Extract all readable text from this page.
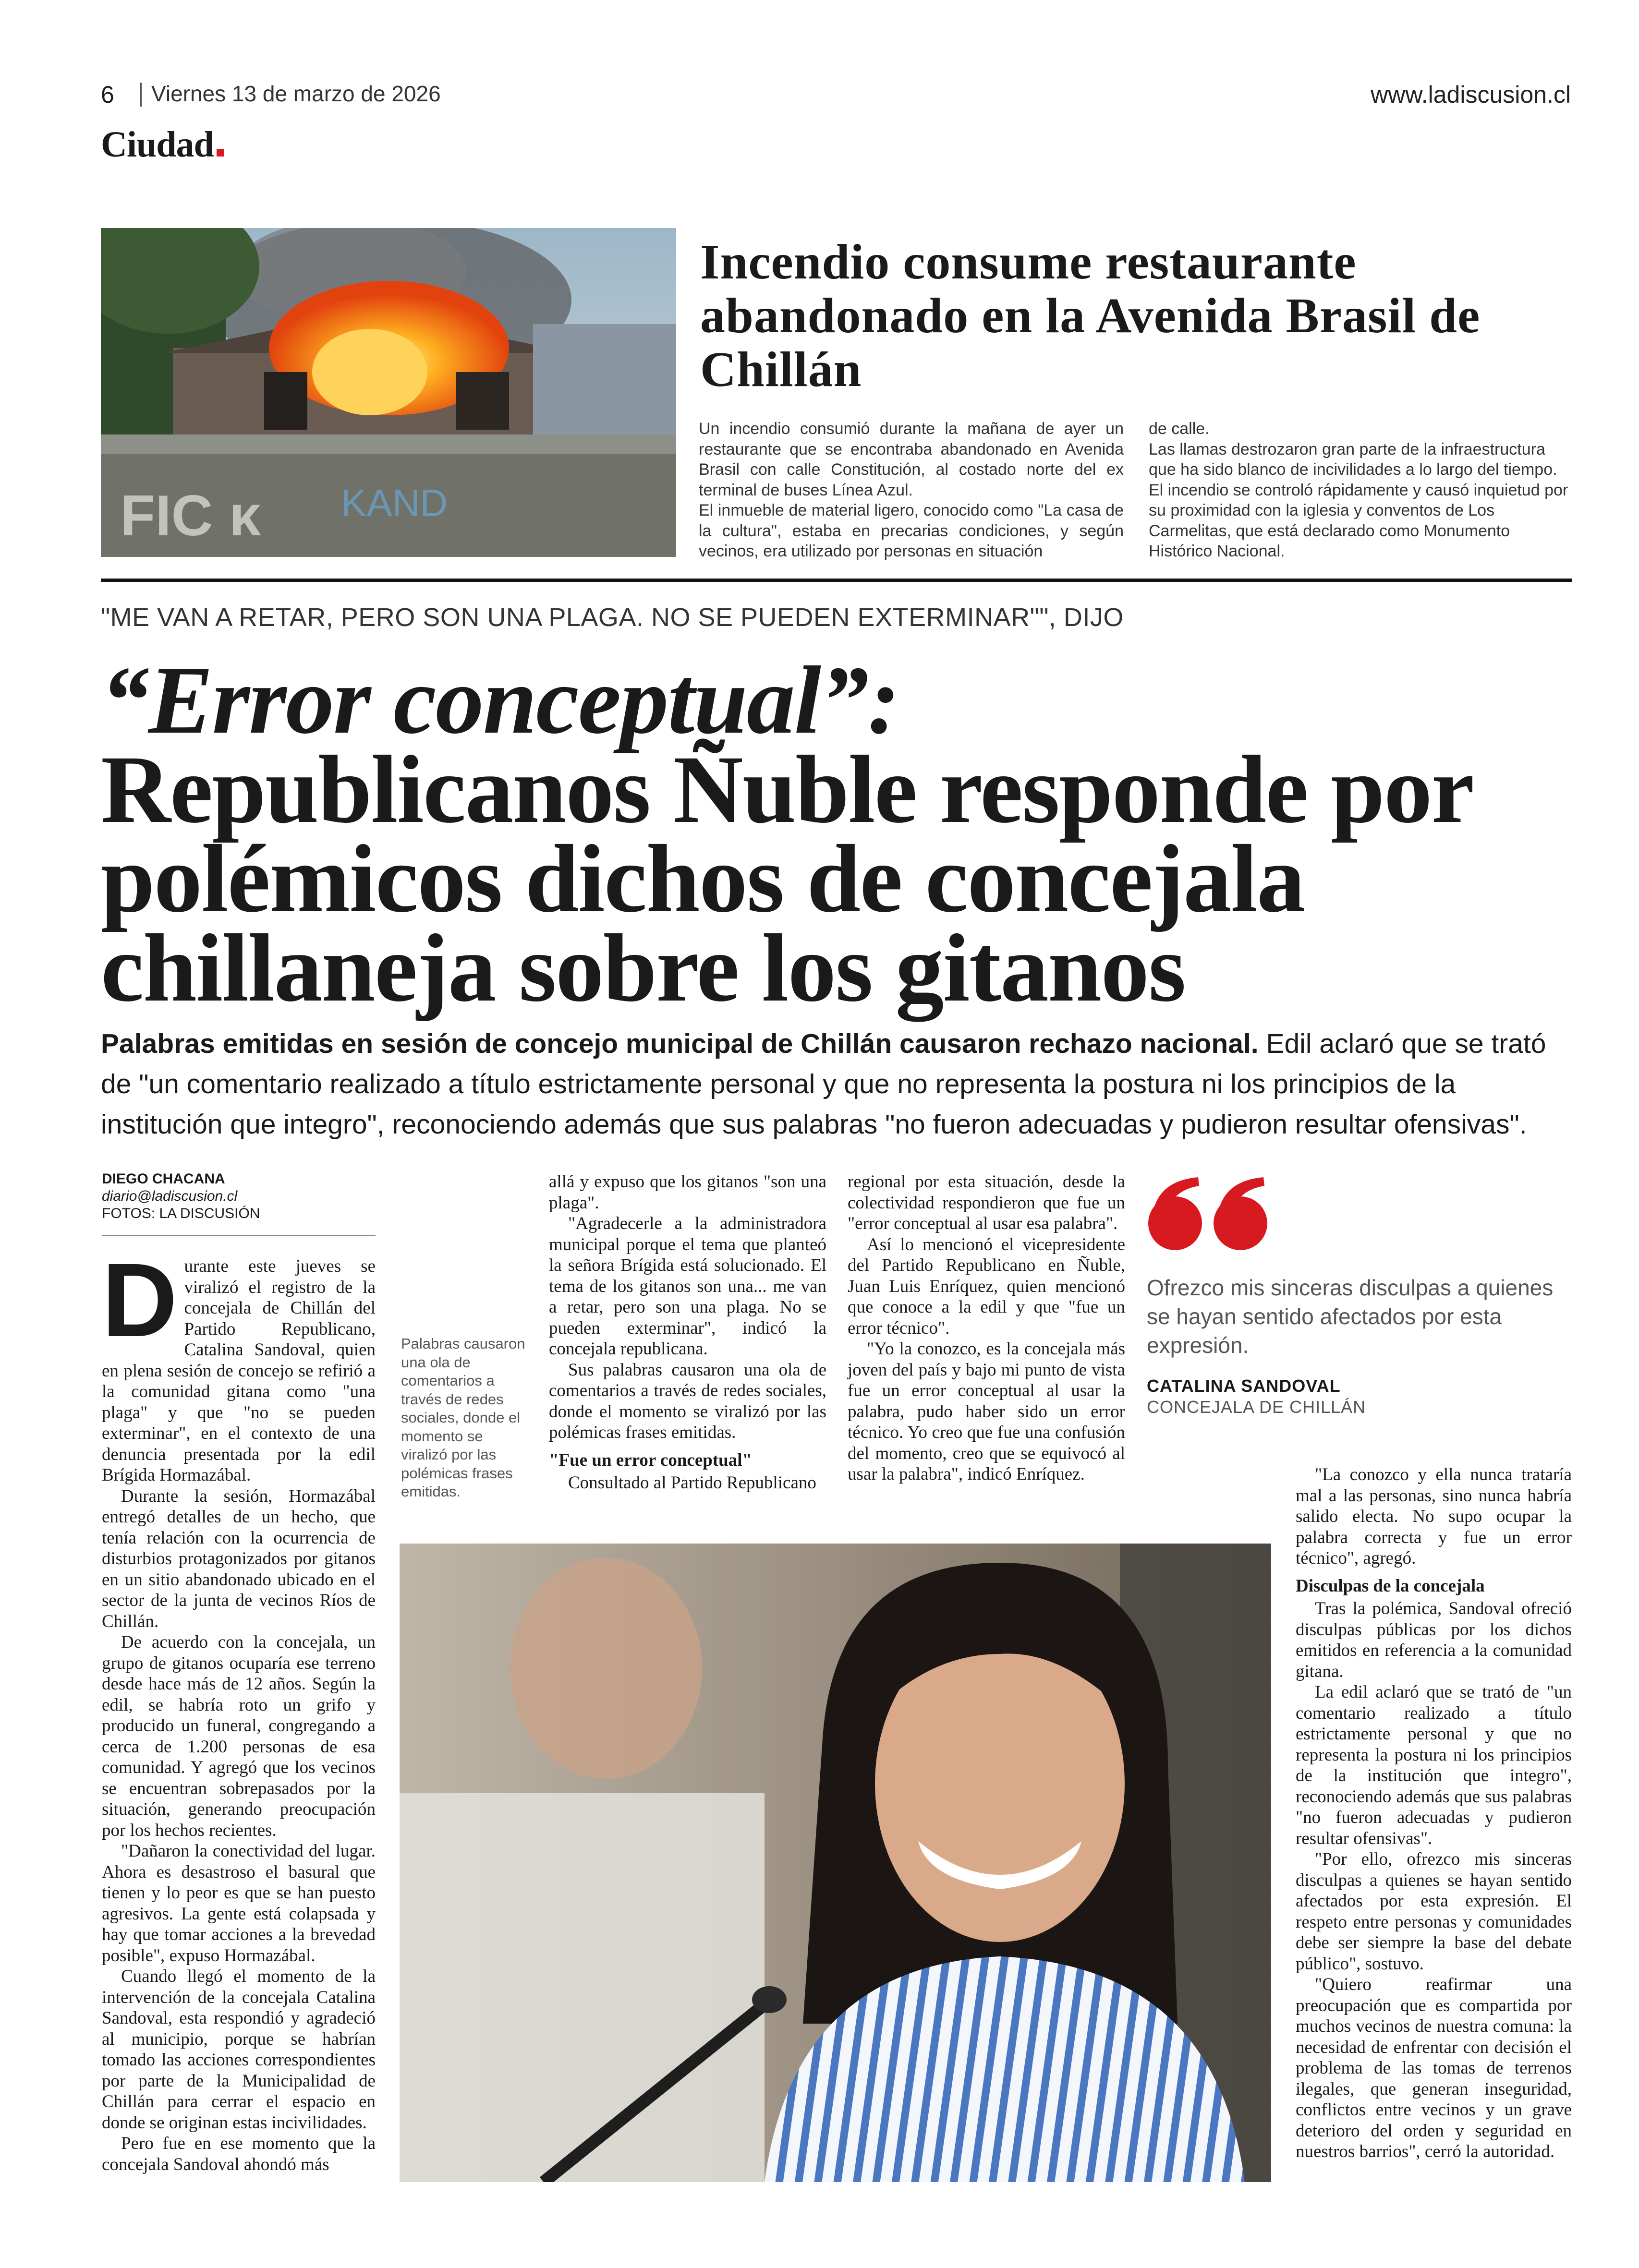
6 Viernes 13 de marzo de 2026	www.ladiscusion.cl
Ciudad
FIC ᴋ KAND
Incendio consume restaurante abandonado en la Avenida Brasil de Chillán

Un incendio consumió durante la mañana de ayer un restaurante que se encontraba abandonado en Avenida Brasil con calle Constitución, al costado norte del ex terminal de buses Línea Azul.

El inmueble de material ligero, conocido como "La casa de la cultura", estaba en precarias condiciones, y según vecinos, era utilizado por personas en situación

de calle.

Las llamas destrozaron gran parte de la infraestructura que ha sido blanco de incivilidades a lo largo del tiempo.

El incendio se controló rápidamente y causó inquietud por su proximidad con la iglesia y conventos de Los Carmelitas, que está declarado como Monumento Histórico Nacional.

"ME VAN A RETAR, PERO SON UNA PLAGA. NO SE PUEDEN EXTERMINAR"", DIJO
“Error conceptual”:
Republicanos Ñuble responde por polémicos dichos de concejala chillaneja sobre los gitanos
Palabras emitidas en sesión de concejo municipal de Chillán causaron rechazo nacional. Edil aclaró que se trató de "un comentario realizado a título estrictamente personal y que no representa la postura ni los principios de la institución que integro", reconociendo además que sus palabras "no fueron adecuadas y pudieron resultar ofensivas".
DIEGO CHACANA
diario@ladiscusion.cl
FOTOS: LA DISCUSIÓN
D urante este jueves se viralizó el registro de la concejala de Chillán del Partido Republicano, Catalina Sandoval, quien en plena sesión de concejo se refirió a la comunidad gitana como "una plaga" y que "no se pueden exterminar", en el contexto de una denuncia presentada por la edil Brígida Hormazábal.

Durante la sesión, Hormazábal entregó detalles de un hecho, que tenía relación con la ocurrencia de disturbios protagonizados por gitanos en un sitio abandonado ubicado en el sector de la junta de vecinos Ríos de Chillán.

De acuerdo con la concejala, un grupo de gitanos ocuparía ese terreno desde hace más de 12 años. Según la edil, se habría roto un grifo y producido un funeral, congregando a cerca de 1.200 personas de esa comunidad. Y agregó que los vecinos se encuentran sobrepasados por la situación, generando preocupación por los hechos recientes.

"Dañaron la conectividad del lugar. Ahora es desastroso el basural que tienen y lo peor es que se han puesto agresivos. La gente está colapsada y hay que tomar acciones a la brevedad posible", expuso Hormazábal.

Cuando llegó el momento de la intervención de la concejala Catalina Sandoval, esta respondió y agradeció al municipio, porque se habrían tomado las acciones correspondientes por parte de la Municipalidad de Chillán para cerrar el espacio en donde se originan estas incivilidades.

Pero fue en ese momento que la concejala Sandoval ahondó más

Palabras causaron una ola de comentarios a través de redes sociales, donde el momento se viralizó por las polémicas frases emitidas.

allá y expuso que los gitanos "son una plaga".

"Agradecerle a la administradora municipal porque el tema que planteó la señora Brígida está solucionado. El tema de los gitanos son una... me van a retar, pero son una plaga. No se pueden exterminar", indicó la concejala republicana.

Sus palabras causaron una ola de comentarios a través de redes sociales, donde el momento se viralizó por las polémicas frases emitidas.

"Fue un error conceptual"

Consultado al Partido Republicano

regional por esta situación, desde la colectividad respondieron que fue un "error conceptual al usar esa palabra".

Así lo mencionó el vicepresidente del Partido Republicano en Ñuble, Juan Luis Enríquez, quien mencionó que conoce a la edil y que "fue un error técnico".

"Yo la conozco, es la concejala más joven del país y bajo mi punto de vista fue un error conceptual al usar la palabra, pudo haber sido un error técnico. Yo creo que fue una confusión del momento, creo que se equivocó al usar la palabra", indicó Enríquez.

Ofrezco mis sinceras disculpas a quienes se hayan sentido afectados por esta expresión.
CATALINA SANDOVAL
CONCEJALA DE CHILLÁN

"La conozco y ella nunca trataría mal a las personas, sino nunca habría salido electa. No supo ocupar la palabra correcta y fue un error técnico", agregó.

Disculpas de la concejala

Tras la polémica, Sandoval ofreció disculpas públicas por los dichos emitidos en referencia a la comunidad gitana.

La edil aclaró que se trató de "un comentario realizado a título estrictamente personal y que no representa la postura ni los principios de la institución que integro", reconociendo además que sus palabras "no fueron adecuadas y pudieron resultar ofensivas".

"Por ello, ofrezco mis sinceras disculpas a quienes se hayan sentido afectados por esta expresión. El respeto entre personas y comunidades debe ser siempre la base del debate público", sostuvo.

"Quiero reafirmar una preocupación que es compartida por muchos vecinos de nuestra comuna: la necesidad de enfrentar con decisión el problema de las tomas de terrenos ilegales, que generan inseguridad, conflictos entre vecinos y un grave deterioro del orden y seguridad en nuestros barrios", cerró la autoridad.
